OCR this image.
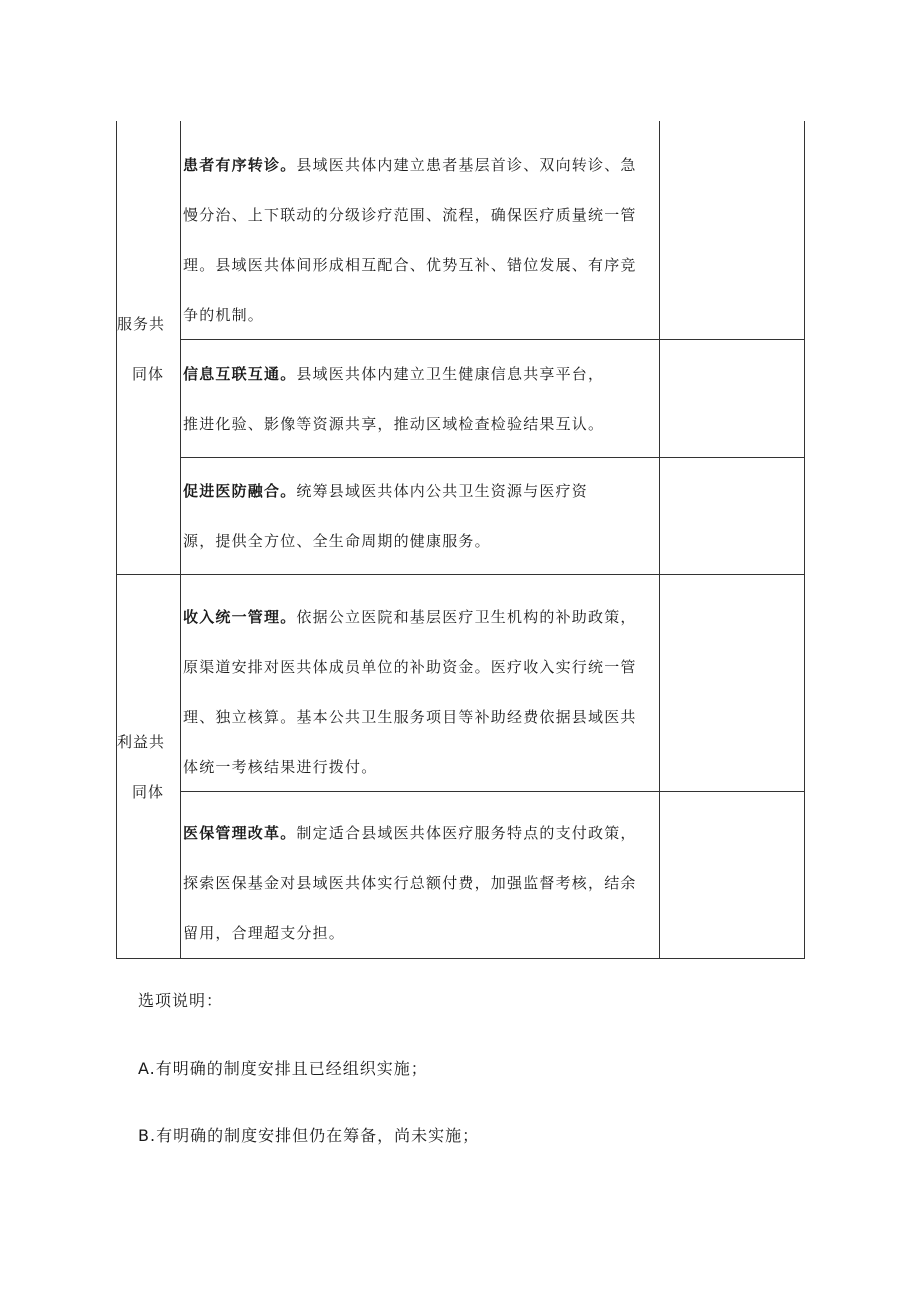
服务共
同体
利益共
同体
患者有序转诊。县域医共体内建立患者基层首诊、双向转诊、急
慢分治、上下联动的分级诊疗范围、流程，确保医疗质量统一管
理。县域医共体间形成相互配合、优势互补、错位发展、有序竞
争的机制。
信息互联互通。县域医共体内建立卫生健康信息共享平台，
推进化验、影像等资源共享，推动区域检查检验结果互认。
促进医防融合。统筹县域医共体内公共卫生资源与医疗资
源，提供全方位、全生命周期的健康服务。
收入统一管理。依据公立医院和基层医疗卫生机构的补助政策，
原渠道安排对医共体成员单位的补助资金。医疗收入实行统一管
理、独立核算。基本公共卫生服务项目等补助经费依据县域医共
体统一考核结果进行拨付。
医保管理改革。制定适合县域医共体医疗服务特点的支付政策，
探索医保基金对县域医共体实行总额付费，加强监督考核，结余
留用，合理超支分担。
选项说明：
A.有明确的制度安排且已经组织实施；
B.有明确的制度安排但仍在筹备，尚未实施；
